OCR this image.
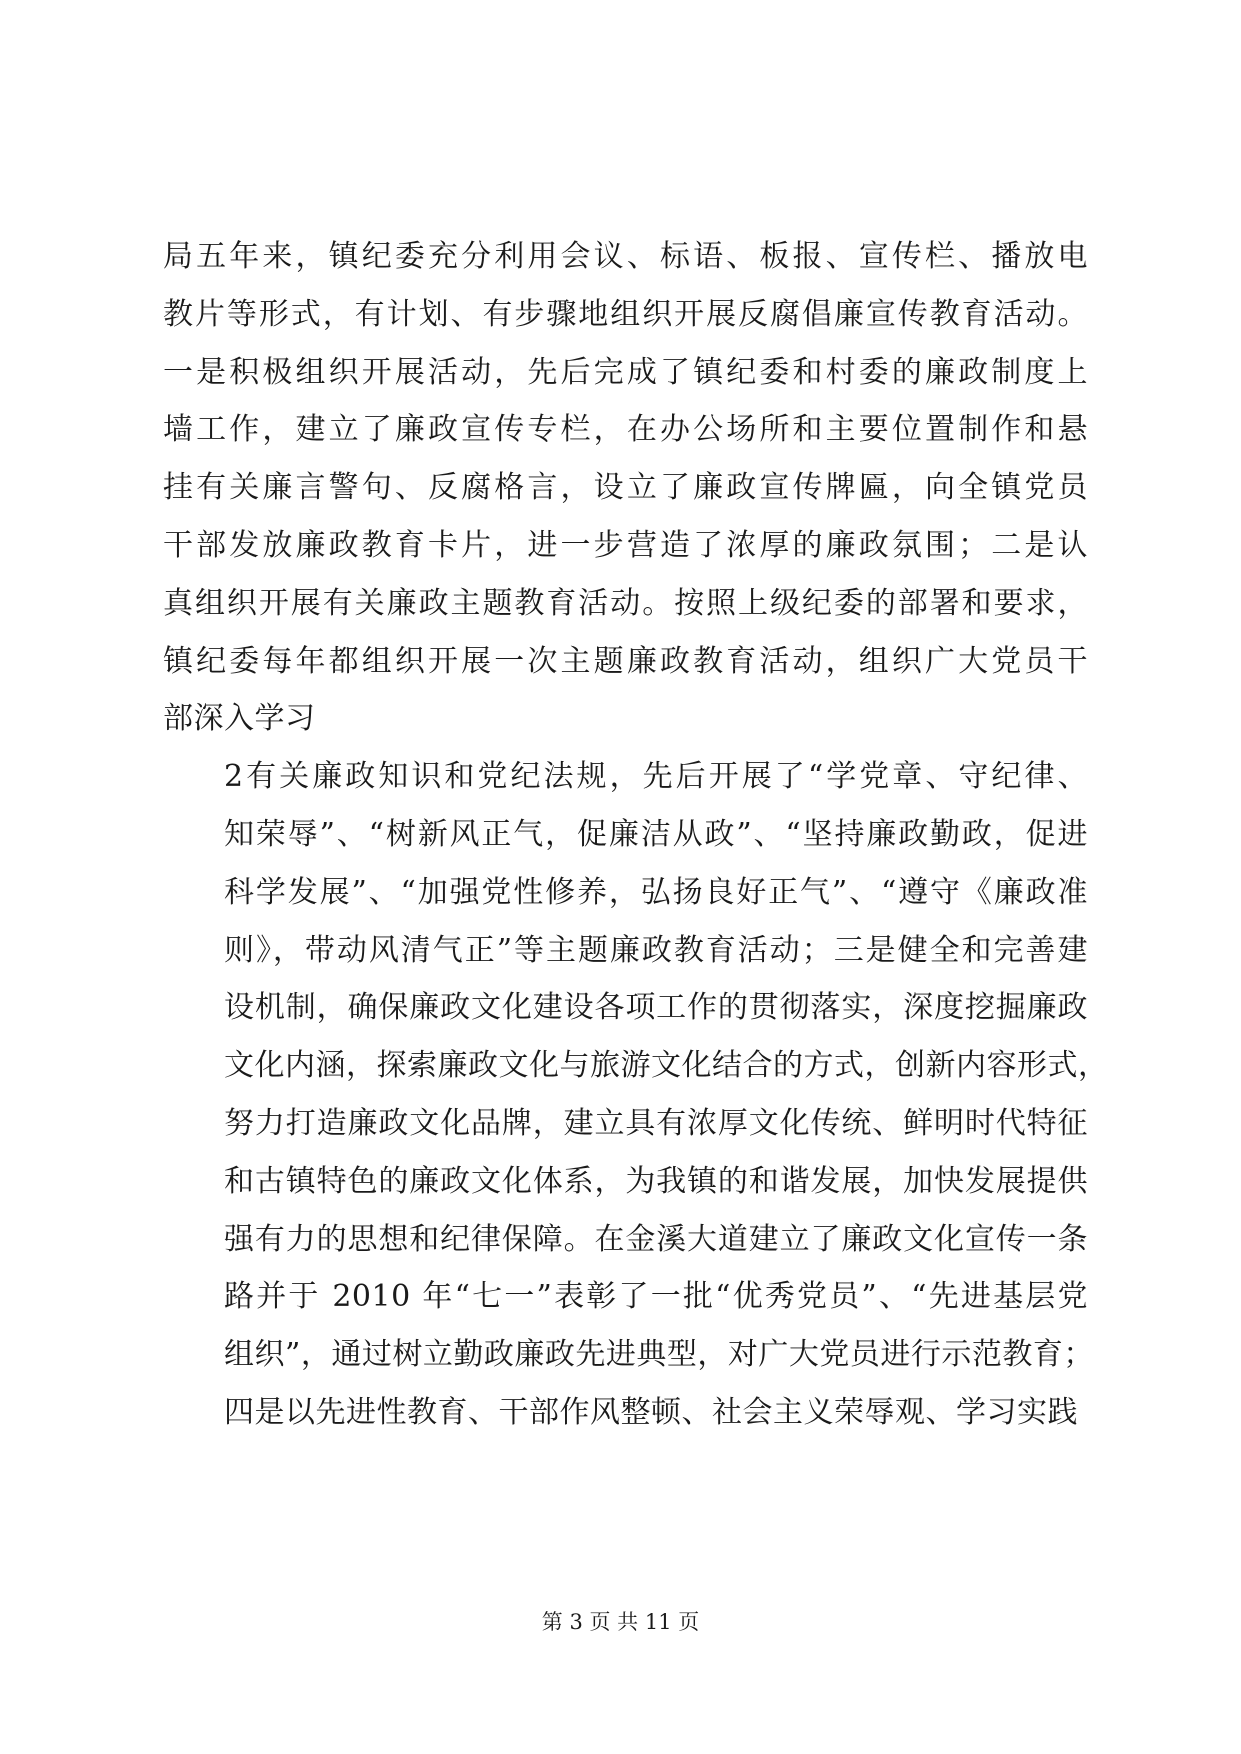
局五年来，镇纪委充分利用会议、标语、板报、宣传栏、播放电
教片等形式，有计划、有步骤地组织开展反腐倡廉宣传教育活动。
一是积极组织开展活动，先后完成了镇纪委和村委的廉政制度上
墙工作，建立了廉政宣传专栏，在办公场所和主要位置制作和悬
挂有关廉言警句、反腐格言，设立了廉政宣传牌匾，向全镇党员
干部发放廉政教育卡片，进一步营造了浓厚的廉政氛围；二是认
真组织开展有关廉政主题教育活动。按照上级纪委的部署和要求，
镇纪委每年都组织开展一次主题廉政教育活动，组织广大党员干
部深入学习

2有关廉政知识和党纪法规，先后开展了“学党章、守纪律、
知荣辱”、“树新风正气，促廉洁从政”、“坚持廉政勤政，促进
科学发展”、“加强党性修养，弘扬良好正气”、“遵守《廉政准
则》，带动风清气正”等主题廉政教育活动；三是健全和完善建
设机制，确保廉政文化建设各项工作的贯彻落实，深度挖掘廉政
文化内涵，探索廉政文化与旅游文化结合的方式，创新内容形式，
努力打造廉政文化品牌，建立具有浓厚文化传统、鲜明时代特征
和古镇特色的廉政文化体系，为我镇的和谐发展，加快发展提供
强有力的思想和纪律保障。在金溪大道建立了廉政文化宣传一条
路并于 2010 年“七一”表彰了一批“优秀党员”、“先进基层党
组织”，通过树立勤政廉政先进典型，对广大党员进行示范教育；
四是以先进性教育、干部作风整顿、社会主义荣辱观、学习实践

第 3 页 共 11 页
